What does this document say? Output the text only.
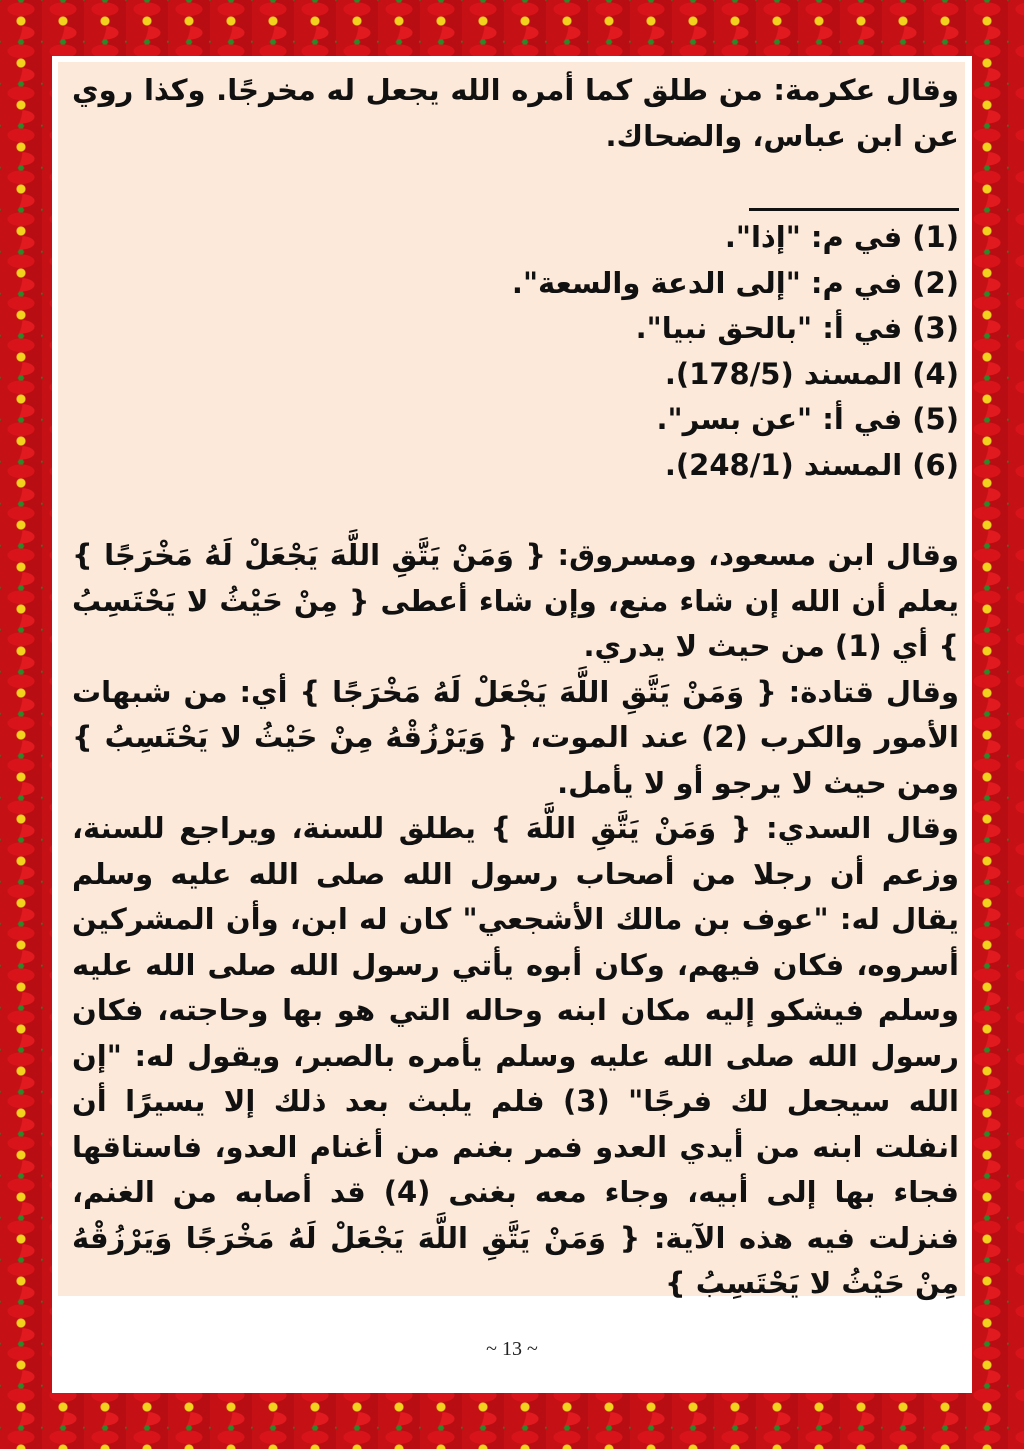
وقال عكرمة: من طلق كما أمره الله يجعل له مخرجًا. وكذا روي عن ابن عباس، والضحاك.

(1) في م: "إذا".
(2) في م: "إلى الدعة والسعة".
(3) في أ: "بالحق نبيا".
(4) المسند (178/5).
(5) في أ: "عن بسر".
(6) المسند (248/1).

وقال ابن مسعود، ومسروق: { وَمَنْ يَتَّقِ اللَّهَ يَجْعَلْ لَهُ مَخْرَجًا } يعلم أن الله إن شاء منع، وإن شاء أعطى { مِنْ حَيْثُ لا يَحْتَسِبُ } أي (1) من حيث لا يدري.

وقال قتادة: { وَمَنْ يَتَّقِ اللَّهَ يَجْعَلْ لَهُ مَخْرَجًا } أي: من شبهات الأمور والكرب (2) عند الموت، { وَيَرْزُقْهُ مِنْ حَيْثُ لا يَحْتَسِبُ } ومن حيث لا يرجو أو لا يأمل.

وقال السدي: { وَمَنْ يَتَّقِ اللَّهَ } يطلق للسنة، ويراجع للسنة، وزعم أن رجلا من أصحاب رسول الله صلى الله عليه وسلم يقال له: "عوف بن مالك الأشجعي" كان له ابن، وأن المشركين أسروه، فكان فيهم، وكان أبوه يأتي رسول الله صلى الله عليه وسلم فيشكو إليه مكان ابنه وحاله التي هو بها وحاجته، فكان رسول الله صلى الله عليه وسلم يأمره بالصبر، ويقول له: "إن الله سيجعل لك فرجًا" (3) فلم يلبث بعد ذلك إلا يسيرًا أن انفلت ابنه من أيدي العدو فمر بغنم من أغنام العدو، فاستاقها فجاء بها إلى أبيه، وجاء معه بغنى (4) قد أصابه من الغنم، فنزلت فيه هذه الآية: { وَمَنْ يَتَّقِ اللَّهَ يَجْعَلْ لَهُ مَخْرَجًا وَيَرْزُقْهُ مِنْ حَيْثُ لا يَحْتَسِبُ }

~ 13 ~
